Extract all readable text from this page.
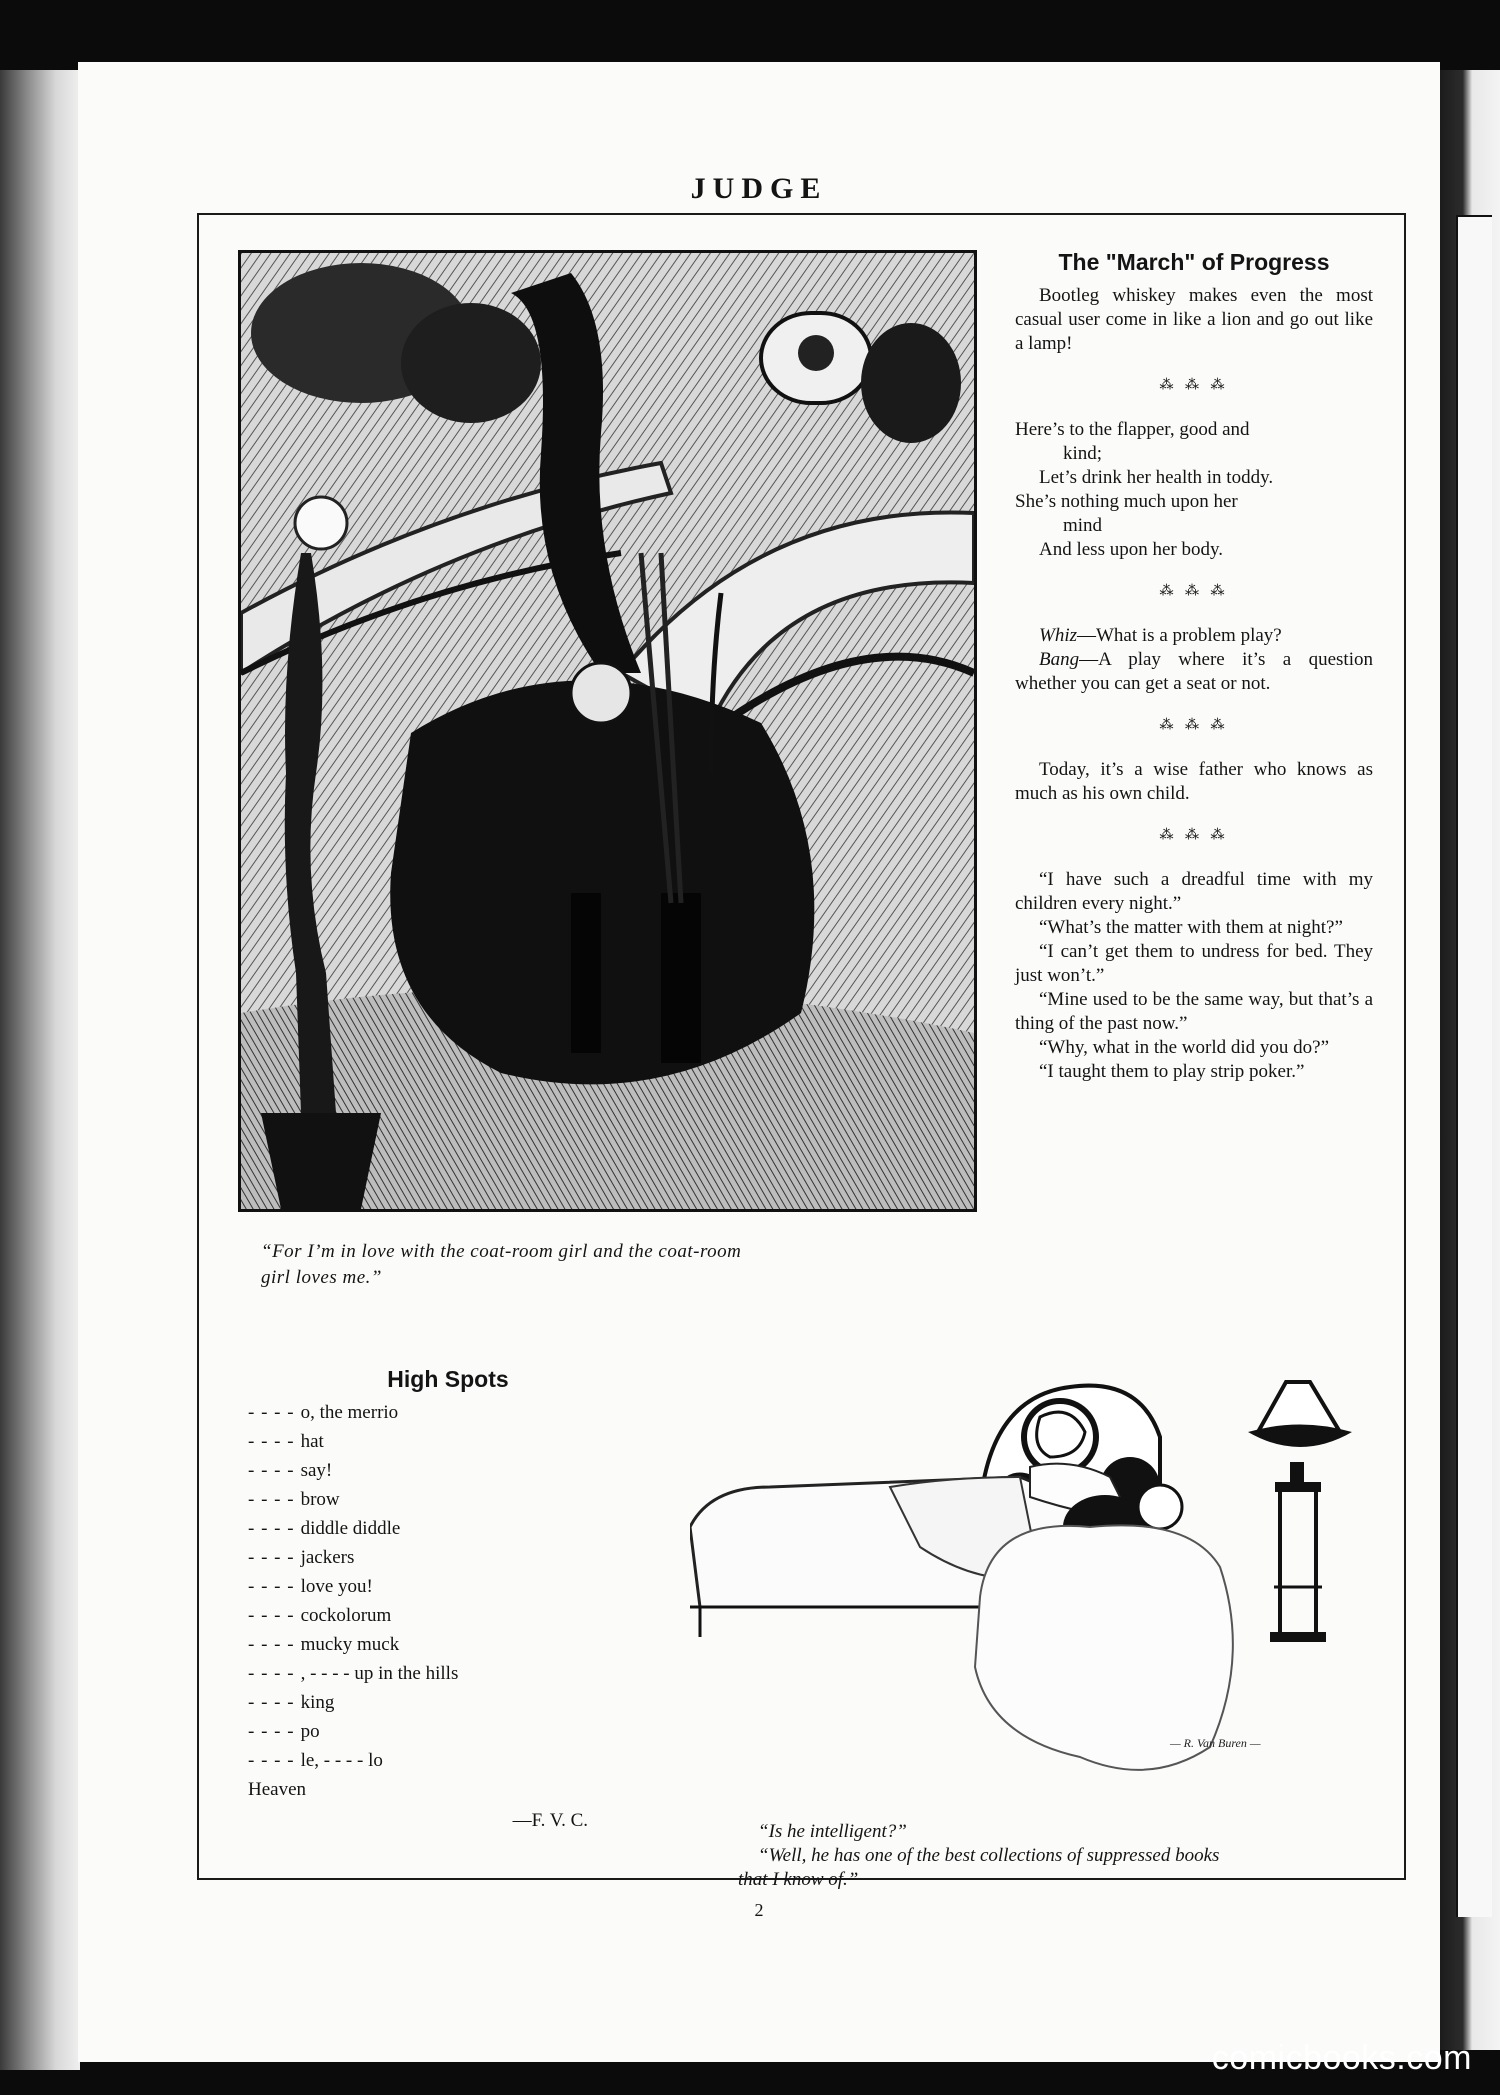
JUDGE
“For I’m in love with the coat-room girl and the coat-room
girl loves me.”
The "March" of Progress

Bootleg whiskey makes even the most casual user come in like a lion and go out like a lamp!

⁂ ⁂ ⁂

Here’s to the flapper, good and

kind;

Let’s drink her health in toddy.

She’s nothing much upon her

mind

And less upon her body.

⁂ ⁂ ⁂

Whiz—What is a problem play?

Bang—A play where it’s a question whether you can get a seat or not.

⁂ ⁂ ⁂

Today, it’s a wise father who knows as much as his own child.

⁂ ⁂ ⁂

“I have such a dreadful time with my children every night.”

“What’s the matter with them at night?”

“I can’t get them to undress for bed. They just won’t.”

“Mine used to be the same way, but that’s a thing of the past now.”

“Why, what in the world did you do?”

“I taught them to play strip poker.”

High Spots
- - - - o, the merrio
- - - - hat
- - - - say!
- - - - brow
- - - - diddle diddle
- - - - jackers
- - - - love you!
- - - - cockolorum
- - - - mucky muck
- - - - , - - - - up in the hills
- - - - king
- - - - po
- - - - le, - - - - lo
Heaven
—F. V. C.
— R. Van Buren —
“Is he intelligent?”
“Well, he has one of the best collections of suppressed books
that I know of.”
2
comicbooks.com
